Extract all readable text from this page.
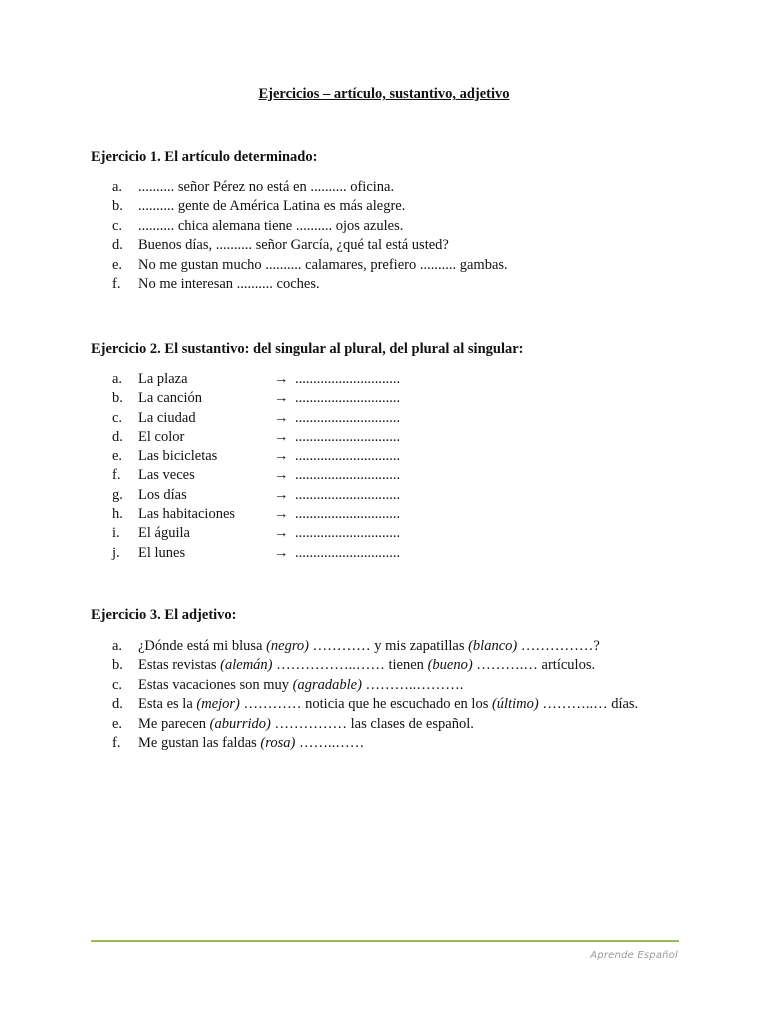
Ejercicios – artículo, sustantivo, adjetivo
Ejercicio 1. El artículo determinado:
a.	.......... señor Pérez no está en .......... oficina.
b.	.......... gente de América Latina es más alegre.
c.	.......... chica alemana tiene .......... ojos azules.
d.	Buenos días, .......... señor García, ¿qué tal está usted?
e.	No me gustan mucho .......... calamares, prefiero .......... gambas.
f.	No me interesan .......... coches.
Ejercicio 2. El sustantivo: del singular al plural, del plural al singular:
a.	La plaza	→ .............................
b.	La canción	→ .............................
c.	La ciudad	→ .............................
d.	El color	→ .............................
e.	Las bicicletas	→ .............................
f.	Las veces	→ .............................
g.	Los días	→ .............................
h.	Las habitaciones	→ .............................
i.	El águila	→ .............................
j.	El lunes	→ .............................
Ejercicio 3. El adjetivo:
a.	¿Dónde está mi blusa (negro) ………… y mis zapatillas (blanco) ……………?
b.	Estas revistas (alemán) ……………..…… tienen (bueno) ……….… artículos.
c.	Estas vacaciones son muy (agradable) ………..……….
d.	Esta es la (mejor) ………… noticia que he escuchado en los (último) ………..… días.
e.	Me parecen (aburrido) …………… las clases de español.
f.	Me gustan las faldas (rosa) ……..……
Aprende Español
